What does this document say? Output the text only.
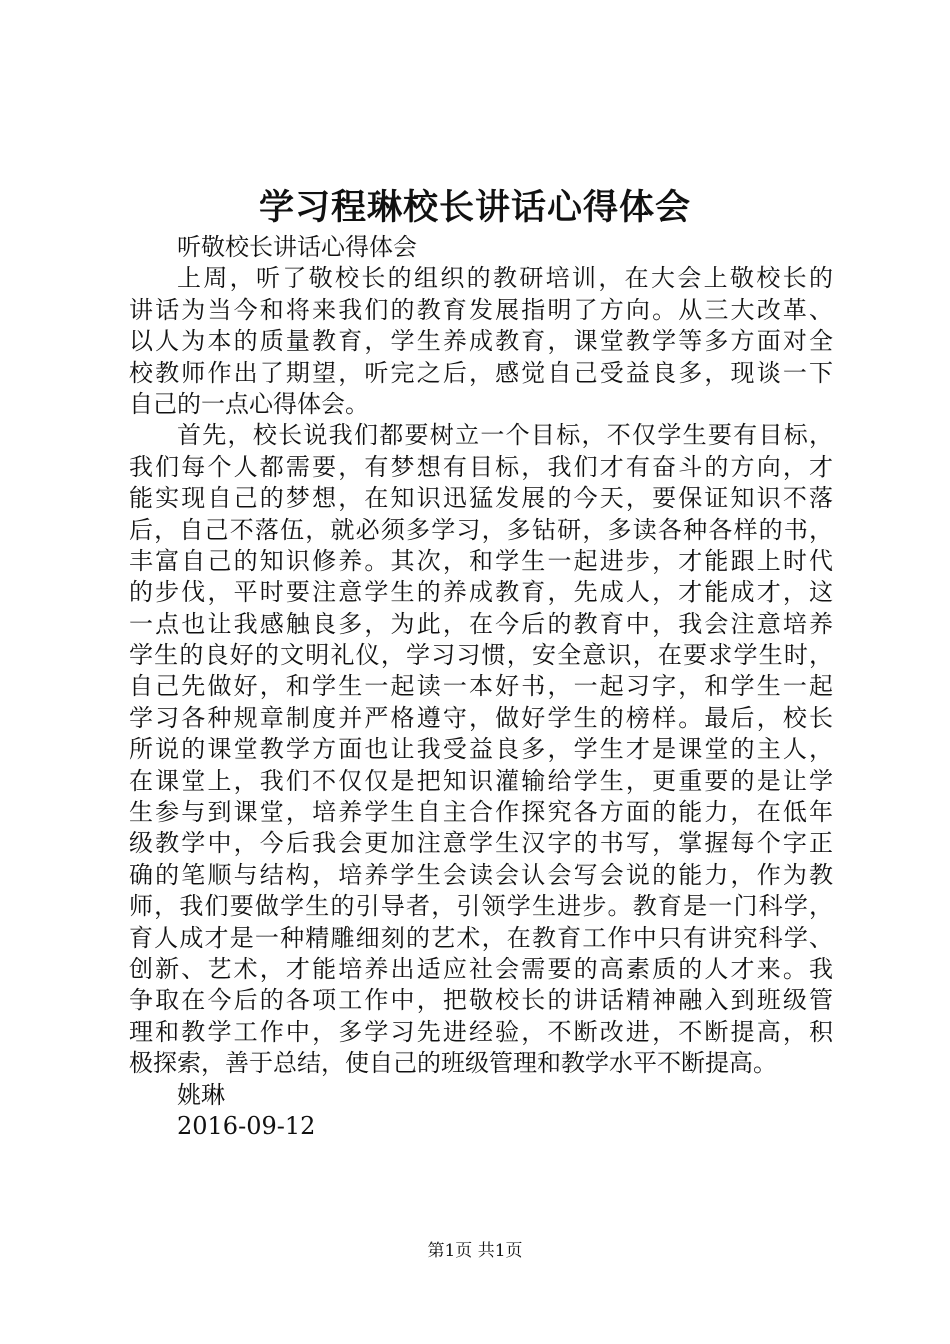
学习程琳校长讲话心得体会
听敬校长讲话心得体会
上周，听了敬校长的组织的教研培训，在大会上敬校长的
讲话为当今和将来我们的教育发展指明了方向。从三大改革、
以人为本的质量教育，学生养成教育，课堂教学等多方面对全
校教师作出了期望，听完之后，感觉自己受益良多，现谈一下
自己的一点心得体会。
首先，校长说我们都要树立一个目标，不仅学生要有目标，
我们每个人都需要，有梦想有目标，我们才有奋斗的方向，才
能实现自己的梦想，在知识迅猛发展的今天，要保证知识不落
后，自己不落伍，就必须多学习，多钻研，多读各种各样的书，
丰富自己的知识修养。其次，和学生一起进步，才能跟上时代
的步伐，平时要注意学生的养成教育，先成人，才能成才，这
一点也让我感触良多，为此，在今后的教育中，我会注意培养
学生的良好的文明礼仪，学习习惯，安全意识，在要求学生时，
自己先做好，和学生一起读一本好书，一起习字，和学生一起
学习各种规章制度并严格遵守，做好学生的榜样。最后，校长
所说的课堂教学方面也让我受益良多，学生才是课堂的主人，
在课堂上，我们不仅仅是把知识灌输给学生，更重要的是让学
生参与到课堂，培养学生自主合作探究各方面的能力，在低年
级教学中，今后我会更加注意学生汉字的书写，掌握每个字正
确的笔顺与结构，培养学生会读会认会写会说的能力，作为教
师，我们要做学生的引导者，引领学生进步。教育是一门科学，
育人成才是一种精雕细刻的艺术，在教育工作中只有讲究科学、
创新、艺术，才能培养出适应社会需要的高素质的人才来。我
争取在今后的各项工作中，把敬校长的讲话精神融入到班级管
理和教学工作中，多学习先进经验，不断改进，不断提高，积
极探索，善于总结，使自己的班级管理和教学水平不断提高。
姚琳
2016-09-12
第1页 共1页
